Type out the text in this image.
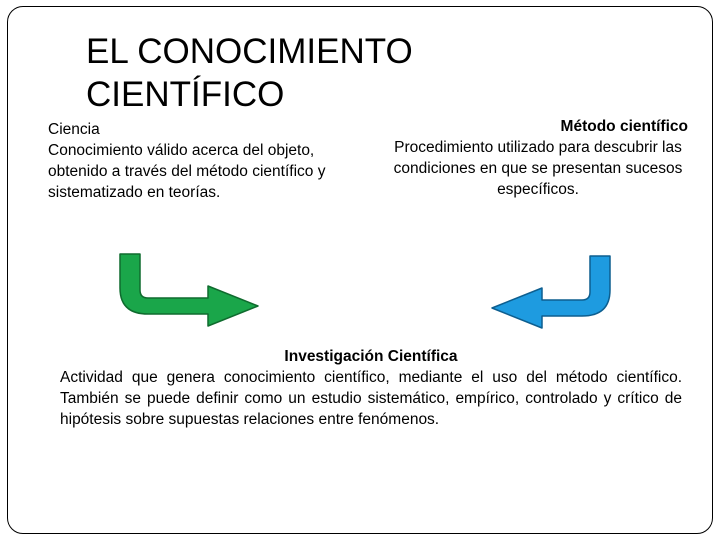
EL CONOCIMIENTO
CIENTÍFICO
Ciencia
Conocimiento válido acerca del objeto, obtenido a través del método científico y sistematizado en teorías.
Método científico
Procedimiento utilizado para descubrir las condiciones en que se presentan sucesos específicos.
Investigación Científica
Actividad que genera conocimiento científico, mediante el uso del método científico. También se puede definir como un estudio sistemático, empírico, controlado y crítico de hipótesis sobre supuestas relaciones entre fenómenos.
